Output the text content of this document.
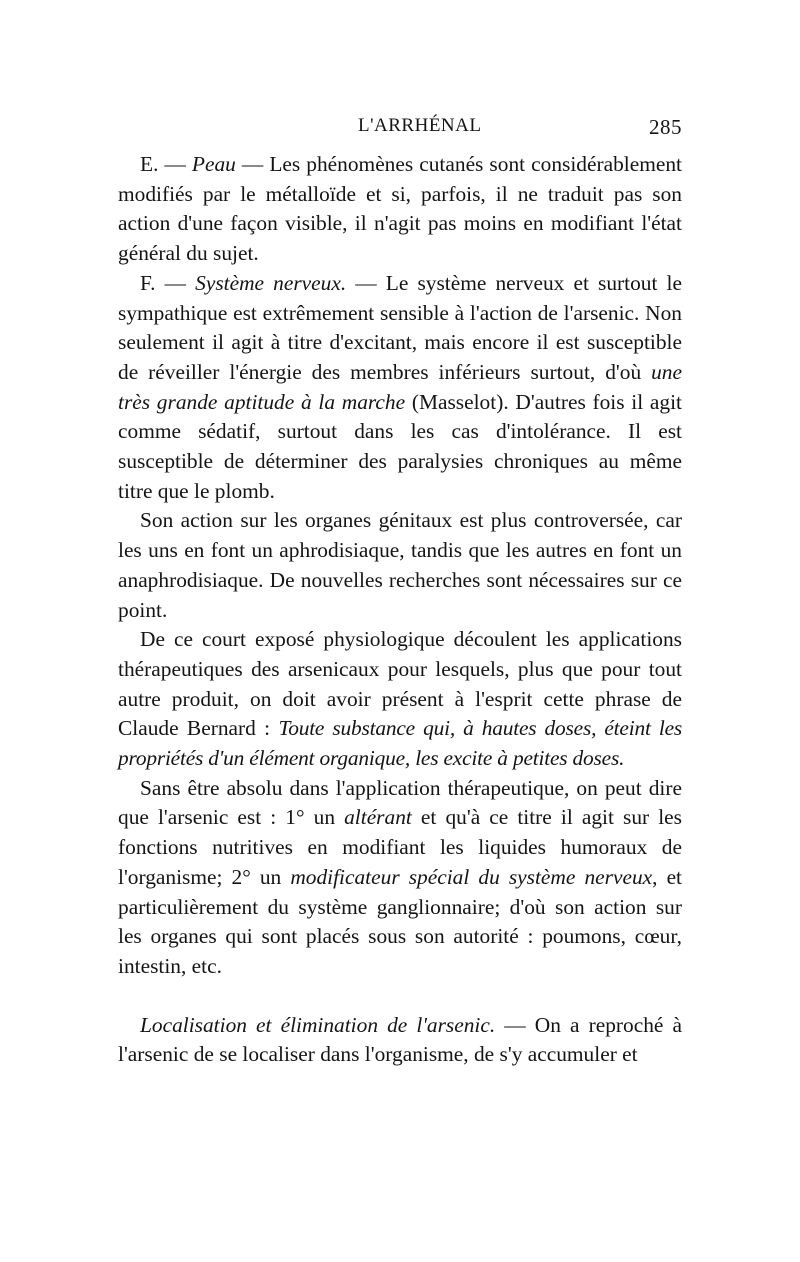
L'ARRHÉNAL	285

E. — Peau — Les phénomènes cutanés sont considérablement modifiés par le métalloïde et si, parfois, il ne traduit pas son action d'une façon visible, il n'agit pas moins en modifiant l'état général du sujet.

F. — Système nerveux. — Le système nerveux et surtout le sympathique est extrêmement sensible à l'action de l'arsenic. Non seulement il agit à titre d'excitant, mais encore il est susceptible de réveiller l'énergie des membres inférieurs surtout, d'où une très grande aptitude à la marche (Masselot). D'autres fois il agit comme sédatif, surtout dans les cas d'intolérance. Il est susceptible de déterminer des paralysies chroniques au même titre que le plomb.

Son action sur les organes génitaux est plus controversée, car les uns en font un aphrodisiaque, tandis que les autres en font un anaphrodisiaque. De nouvelles recherches sont nécessaires sur ce point.

De ce court exposé physiologique découlent les applications thérapeutiques des arsenicaux pour lesquels, plus que pour tout autre produit, on doit avoir présent à l'esprit cette phrase de Claude Bernard : Toute substance qui, à hautes doses, éteint les propriétés d'un élément organique, les excite à petites doses.

Sans être absolu dans l'application thérapeutique, on peut dire que l'arsenic est : 1° un altérant et qu'à ce titre il agit sur les fonctions nutritives en modifiant les liquides humoraux de l'organisme; 2° un modificateur spécial du système nerveux, et particulièrement du système ganglionnaire; d'où son action sur les organes qui sont placés sous son autorité : poumons, cœur, intestin, etc.

Localisation et élimination de l'arsenic. — On a reproché à l'arsenic de se localiser dans l'organisme, de s'y accumuler et
